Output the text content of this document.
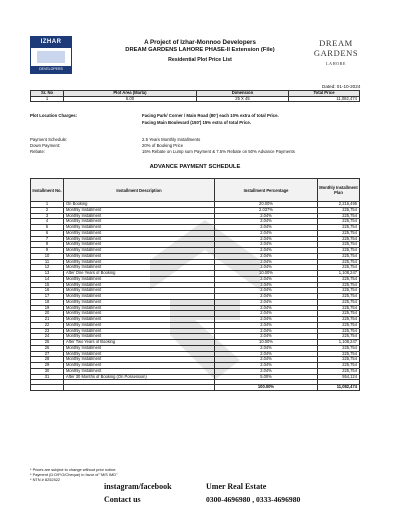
IZHAR
DEVELOPERS
A Project of Izhar-Monnoo Developers
DREAM GARDENS LAHORE PHASE-II Extension (File)
Residential Plot Price List
DREAM GARDENS
LAHORE
Dated: 01-10-2024
Sr. No	Plot Area (Marla)	Dimension	Total Price
1	5.00	25 X 45	11,082,474
Plot Location Charges:	Facing Park/ Corner / Main Road (80') each 10% extra of total Price.
Facing Main Boulevard (150') 15% extra of total Price.
Payment Schedule:	2.5 Years Monthly Installments
Down Payment:	20% of Booking Price
Rebate:	15% Rebate on Lump sum Payment & 7.5% Rebate on 50% Advance Payments
ADVANCE PAYMENT SCHEDULE
Installment No.	Installment Description	Installment Percentage	Monthly Installment Plan
1	On Booking	20.00%	2,216,495
2	Monthly Installment	2.037%	225,754
3	Monthly Installment	2.04%	225,754
4	Monthly Installment	2.04%	225,754
5	Monthly Installment	2.04%	225,754
6	Monthly Installment	2.04%	225,754
7	Monthly Installment	2.04%	225,754
8	Monthly Installment	2.04%	225,754
9	Monthly Installment	2.04%	225,754
10	Monthly Installment	2.04%	225,754
11	Monthly Installment	2.04%	225,754
12	Monthly Installment	2.04%	225,754
13	After One Years of Booking	10.00%	1,108,247
14	Monthly Installment	2.04%	225,754
15	Monthly Installment	2.04%	225,754
16	Monthly Installment	2.04%	225,754
17	Monthly Installment	2.04%	225,754
18	Monthly Installment	2.04%	225,754
19	Monthly Installment	2.04%	225,754
20	Monthly Installment	2.04%	225,754
21	Monthly Installment	2.04%	225,754
22	Monthly Installment	2.04%	225,754
23	Monthly Installment	2.04%	225,754
24	Monthly Installment	2.04%	225,754
25	After Two Years of Booking	10.00%	1,108,247
26	Monthly Installment	2.04%	225,754
27	Monthly Installment	2.04%	225,754
28	Monthly Installment	2.04%	225,754
29	Monthly Installment	2.04%	225,754
30	Monthly Installment	2.04%	225,754
31	After 30 Months of Booking (On Possession)	5.00%	554,124

		100.00%	11,082,474
* Prices are subject to change without prior notice.
* Payment (D.D/P.O/Cheque) in favor of "M/S IMD"
* NTN # 8252522
instagram/facebook
Contact us
Umer Real Estate
0300-4696980 , 0333-4696980
